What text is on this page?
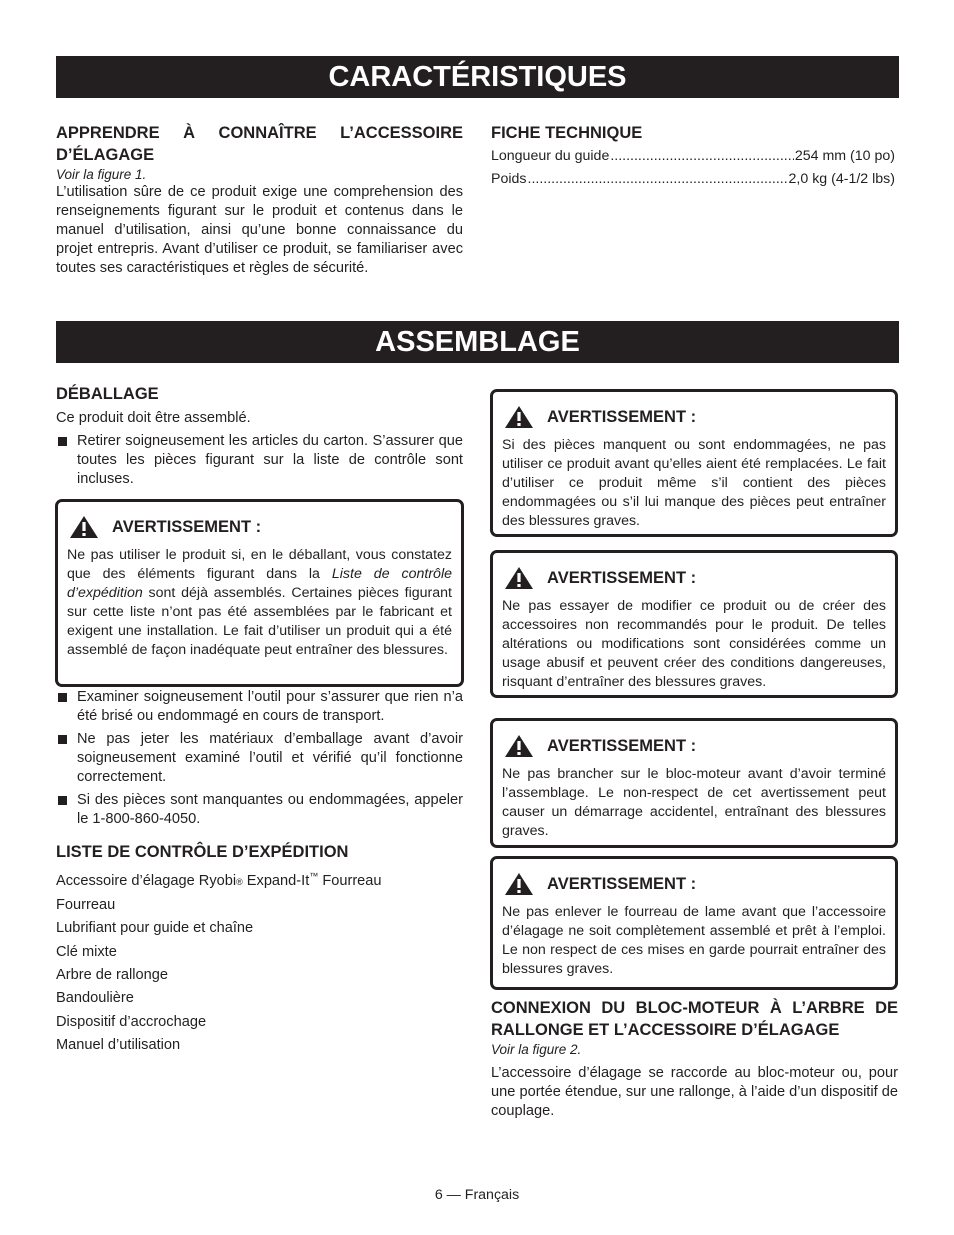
CARACTÉRISTIQUES
ASSEMBLAGE
APPRENDRE À CONNAÎTRE L’ACCESSOIRE D’ÉLAGAGE
Voir la figure 1.

L’utilisation sûre de ce produit exige une comprehension des renseignements figurant sur le produit et contenus dans le manuel d’utilisation, ainsi qu’une bonne connaissance du projet entrepris. Avant d’utiliser ce produit, se familiariser avec toutes ses caractéristiques et règles de sécurité.

FICHE TECHNIQUE
Longueur du guide .....	254 mm (10 po)
Poids .....	2,0 kg (4-1/2 lbs)
DÉBALLAGE

Ce produit doit être assemblé.

Retirer soigneusement les articles du carton. S’assurer que toutes les pièces figurant sur la liste de contrôle sont incluses.
AVERTISSEMENT :
Ne pas utiliser le produit si, en le déballant, vous constatez que des éléments figurant dans la Liste de contrôle d’expédition sont déjà assemblés. Certaines pièces figurant sur cette liste n’ont pas été assemblées par le fabricant et exigent une installation. Le fait d’utiliser un produit qui a été assemblé de façon inadéquate peut entraîner des blessures.
Examiner soigneusement l’outil pour s’assurer que rien n’a été brisé ou endommagé en cours de transport.
Ne pas jeter les matériaux d’emballage avant d’avoir soigneusement examiné l’outil et vérifié qu’il fonctionne correctement.
Si des pièces sont manquantes ou endommagées, appeler le 1-800-860-4050.
LISTE DE CONTRÔLE D’EXPÉDITION
Accessoire d’élagage Ryobi® Expand-It™ Fourreau
Fourreau
Lubrifiant pour guide et chaîne
Clé mixte
Arbre de rallonge
Bandoulière
Dispositif d’accrochage
Manuel d’utilisation
AVERTISSEMENT :
Si des pièces manquent ou sont endommagées, ne pas utiliser ce produit avant qu’elles aient été remplacées. Le fait d’utiliser ce produit même s’il contient des pièces endommagées ou s’il lui manque des pièces peut entraîner des blessures graves.
AVERTISSEMENT :
Ne pas essayer de modifier ce produit ou de créer des accessoires non recommandés pour le produit. De telles altérations ou modifications sont considérées comme un usage abusif et peuvent créer des conditions dangereuses, risquant d’entraîner des blessures graves.
AVERTISSEMENT :
Ne pas brancher sur le bloc-moteur avant d’avoir terminé l’assemblage. Le non-respect de cet avertissement peut causer un démarrage accidentel, entraînant des blessures graves.
AVERTISSEMENT :
Ne pas enlever le fourreau de lame avant que l’accessoire d’élagage ne soit complètement assemblé et prêt à l’emploi. Le non respect de ces mises en garde pourrait entraîner des blessures graves.
CONNEXION DU BLOC-MOTEUR À L’ARBRE DE RALLONGE ET L’ACCESSOIRE D’ÉLAGAGE
Voir la figure 2.

L’accessoire d’élagage se raccorde au bloc-moteur ou, pour une portée étendue, sur une rallonge, à l’aide d’un dispositif de couplage.

6 — Français
